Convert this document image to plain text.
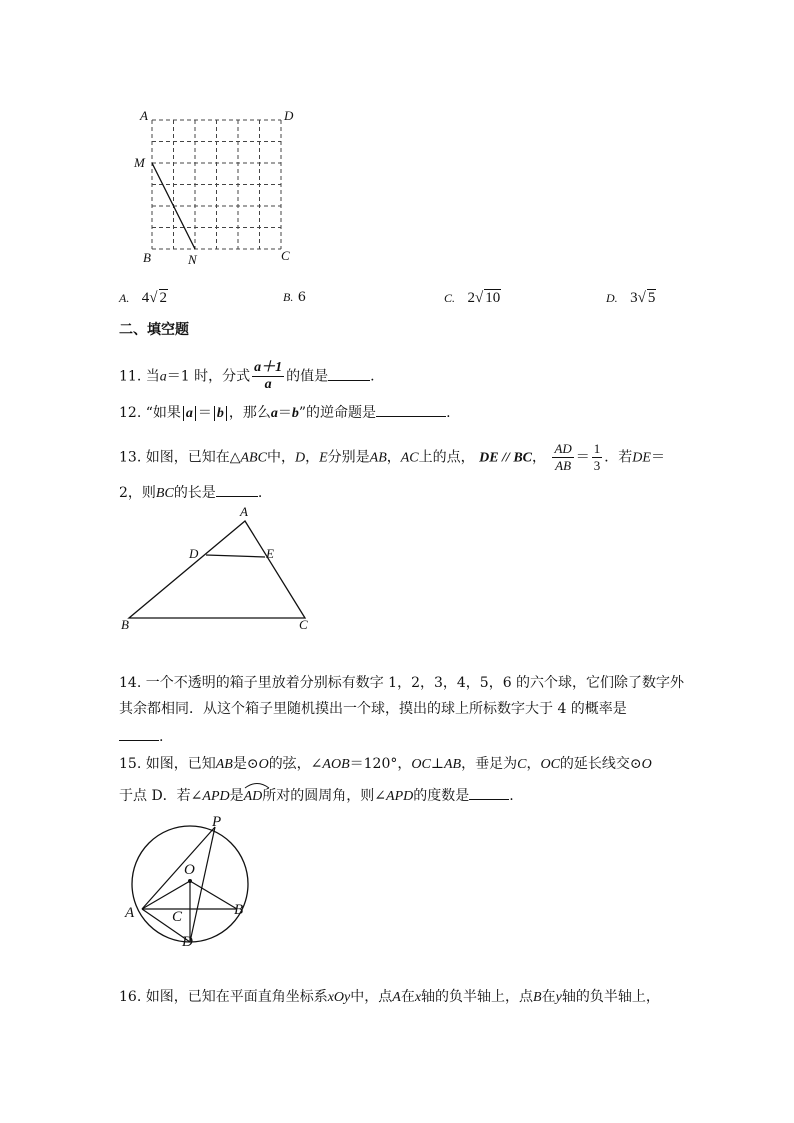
A	D
M
B	N	C
A. 4√ 2	B. 6	C. 2√ 10	D. 3√ 5
二、填空题
11. 当a＝1 时，分式 $\frac{a+1}{a}$ 的值是	.
12. “如果 a ＝ b ，那么a＝b”的逆命题是	.
13. 如图，已知在△ABC中，D，E分别是AB，AC上的点， DE // BC， $\frac{AD}{AB} = \frac{1}{3}$ ．若DE＝
2，则BC的长是	.
A
D	E
B	C
14. 一个不透明的箱子里放着分别标有数字 1，2，3，4，5，6 的六个球，它们除了数字外
其余都相同．从这个箱子里随机摸出一个球，摸出的球上所标数字大于 4 的概率是
.
15. 如图，已知AB是⊙O的弦，∠AOB＝120°，OC⊥AB，垂足为C，OC的延长线交⊙O
于点 D．若∠APD是
AD所对的圆周角，则∠APD的度数是	.
P
O
A	B
C
D
16. 如图，已知在平面直角坐标系xOy中，点A在x轴的负半轴上，点B在y轴的负半轴上，
